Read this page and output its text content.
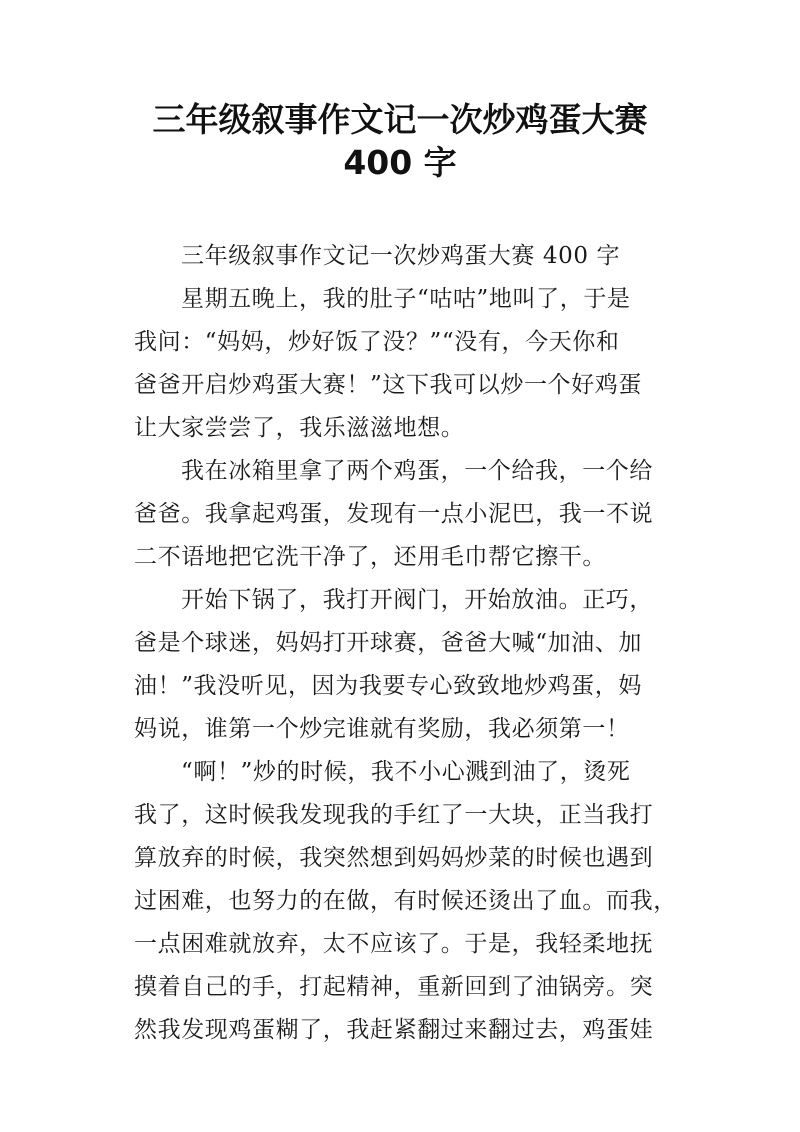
三年级叙事作文记一次炒鸡蛋大赛
400 字
三年级叙事作文记一次炒鸡蛋大赛 400 字
星期五晚上，我的肚子“咕咕”地叫了，于是
我问：“妈妈，炒好饭了没？”“没有，今天你和
爸爸开启炒鸡蛋大赛！”这下我可以炒一个好鸡蛋
让大家尝尝了，我乐滋滋地想。
我在冰箱里拿了两个鸡蛋，一个给我，一个给
爸爸。我拿起鸡蛋，发现有一点小泥巴，我一不说
二不语地把它洗干净了，还用毛巾帮它擦干。
开始下锅了，我打开阀门，开始放油。正巧，
爸是个球迷，妈妈打开球赛，爸爸大喊“加油、加
油！”我没听见，因为我要专心致致地炒鸡蛋，妈
妈说，谁第一个炒完谁就有奖励，我必须第一！
“啊！”炒的时候，我不小心溅到油了，烫死
我了，这时候我发现我的手红了一大块，正当我打
算放弃的时候，我突然想到妈妈炒菜的时候也遇到
过困难，也努力的在做，有时候还烫出了血。而我，
一点困难就放弃，太不应该了。于是，我轻柔地抚
摸着自己的手，打起精神，重新回到了油锅旁。突
然我发现鸡蛋糊了，我赶紧翻过来翻过去，鸡蛋娃
